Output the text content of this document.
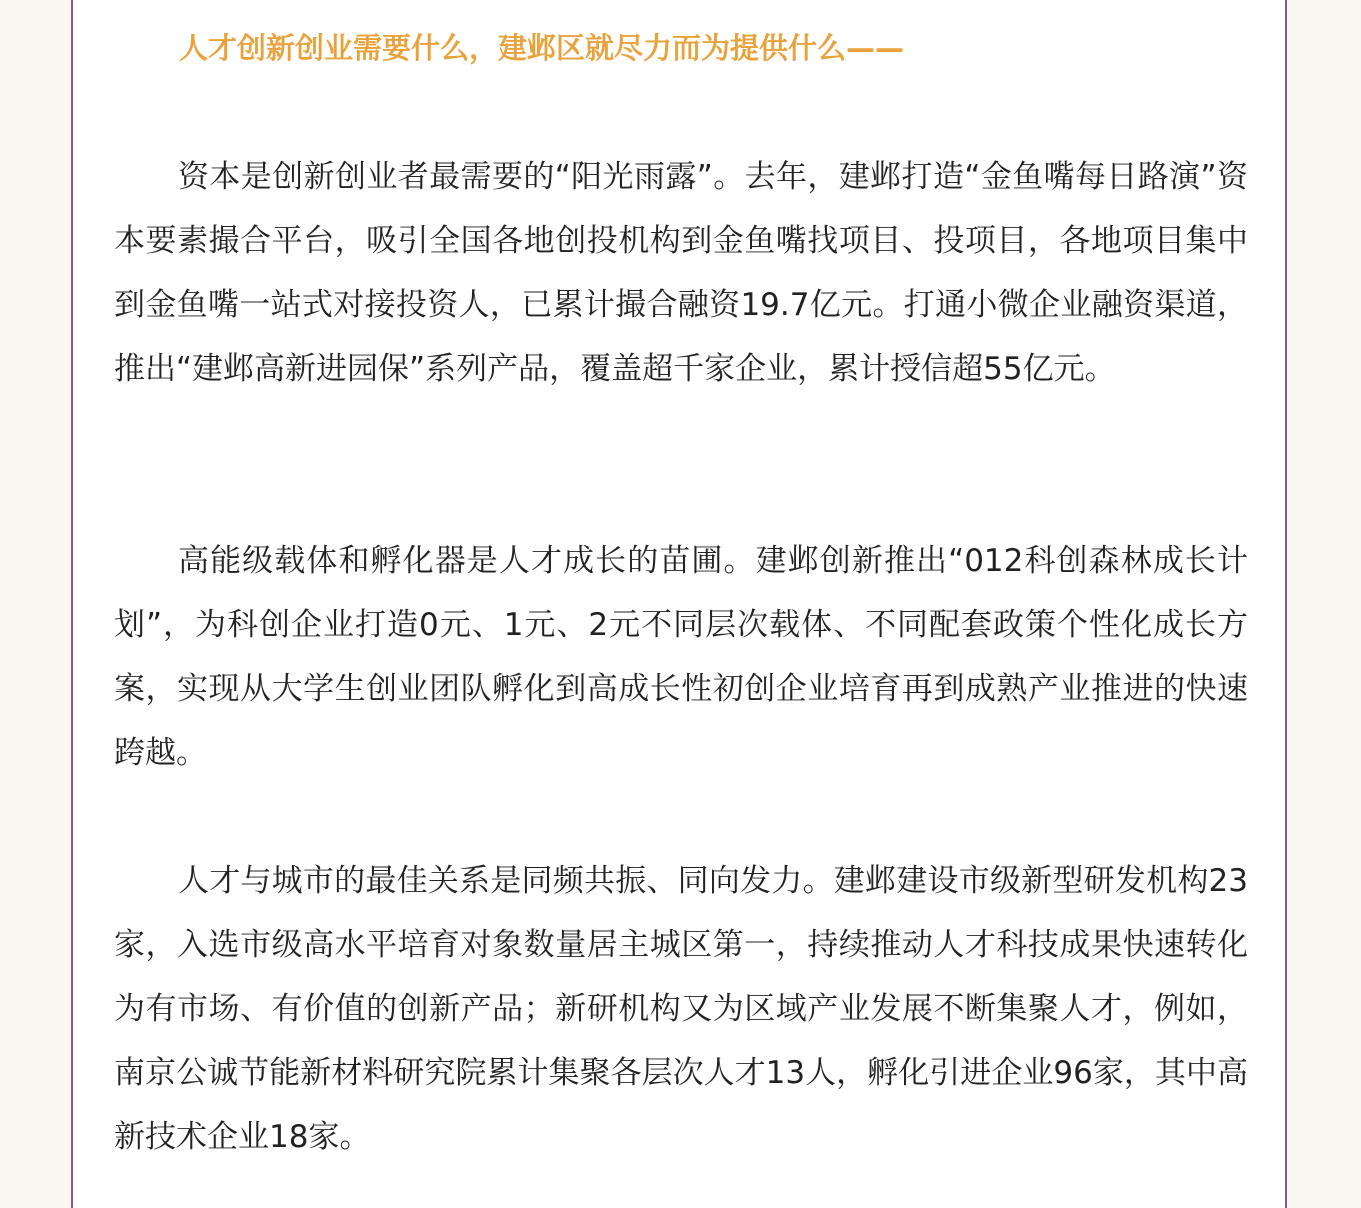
人才创新创业需要什么，建邺区就尽力而为提供什么——

资本是创新创业者最需要的“阳光雨露”。去年，建邺打造“金鱼嘴每日路演”资本要素撮合平台，吸引全国各地创投机构到金鱼嘴找项目、投项目，各地项目集中到金鱼嘴一站式对接投资人，已累计撮合融资19.7亿元。打通小微企业融资渠道，推出“建邺高新进园保”系列产品，覆盖超千家企业，累计授信超55亿元。

高能级载体和孵化器是人才成长的苗圃。建邺创新推出“012科创森林成长计划”，为科创企业打造0元、1元、2元不同层次载体、不同配套政策个性化成长方案，实现从大学生创业团队孵化到高成长性初创企业培育再到成熟产业推进的快速跨越。

人才与城市的最佳关系是同频共振、同向发力。建邺建设市级新型研发机构23家，入选市级高水平培育对象数量居主城区第一，持续推动人才科技成果快速转化为有市场、有价值的创新产品；新研机构又为区域产业发展不断集聚人才，例如，南京公诚节能新材料研究院累计集聚各层次人才13人，孵化引进企业96家，其中高新技术企业18家。
